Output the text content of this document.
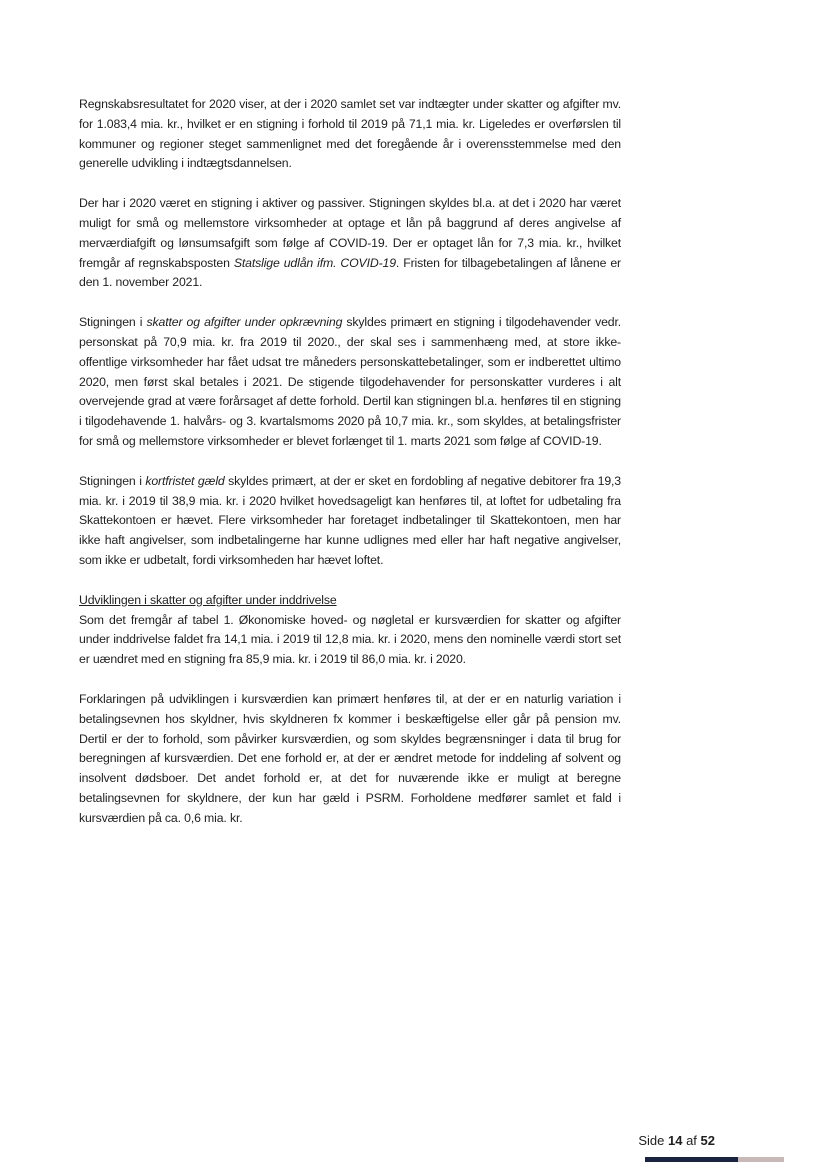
Regnskabsresultatet for 2020 viser, at der i 2020 samlet set var indtægter under skatter og afgifter mv. for 1.083,4 mia. kr., hvilket er en stigning i forhold til 2019 på 71,1 mia. kr. Ligeledes er overførslen til kommuner og regioner steget sammenlignet med det foregående år i overensstemmelse med den generelle udvikling i indtægtsdannelsen.

Der har i 2020 været en stigning i aktiver og passiver. Stigningen skyldes bl.a. at det i 2020 har været muligt for små og mellemstore virksomheder at optage et lån på baggrund af deres angivelse af merværdiafgift og lønsumsafgift som følge af COVID-19. Der er optaget lån for 7,3 mia. kr., hvilket fremgår af regnskabsposten Statslige udlån ifm. COVID-19. Fristen for tilbagebetalingen af lånene er den 1. november 2021.

Stigningen i skatter og afgifter under opkrævning skyldes primært en stigning i tilgodehavender vedr. personskat på 70,9 mia. kr. fra 2019 til 2020., der skal ses i sammenhæng med, at store ikke-offentlige virksomheder har fået udsat tre måneders personskattebetalinger, som er indberettet ultimo 2020, men først skal betales i 2021. De stigende tilgodehavender for personskatter vurderes i alt overvejende grad at være forårsaget af dette forhold. Dertil kan stigningen bl.a. henføres til en stigning i tilgodehavende 1. halvårs- og 3. kvartalsmoms 2020 på 10,7 mia. kr., som skyldes, at betalingsfrister for små og mellemstore virksomheder er blevet forlænget til 1. marts 2021 som følge af COVID-19.

Stigningen i kortfristet gæld skyldes primært, at der er sket en fordobling af negative debitorer fra 19,3 mia. kr. i 2019 til 38,9 mia. kr. i 2020 hvilket hovedsageligt kan henføres til, at loftet for udbetaling fra Skattekontoen er hævet. Flere virksomheder har foretaget indbetalinger til Skattekontoen, men har ikke haft angivelser, som indbetalingerne har kunne udlignes med eller har haft negative angivelser, som ikke er udbetalt, fordi virksomheden har hævet loftet.

Udviklingen i skatter og afgifter under inddrivelse

Som det fremgår af tabel 1. Økonomiske hoved- og nøgletal er kursværdien for skatter og afgifter under inddrivelse faldet fra 14,1 mia. i 2019 til 12,8 mia. kr. i 2020, mens den nominelle værdi stort set er uændret med en stigning fra 85,9 mia. kr. i 2019 til 86,0 mia. kr. i 2020.

Forklaringen på udviklingen i kursværdien kan primært henføres til, at der er en naturlig variation i betalingsevnen hos skyldner, hvis skyldneren fx kommer i beskæftigelse eller går på pension mv. Dertil er der to forhold, som påvirker kursværdien, og som skyldes begrænsninger i data til brug for beregningen af kursværdien. Det ene forhold er, at der er ændret metode for inddeling af solvent og insolvent dødsboer. Det andet forhold er, at det for nuværende ikke er muligt at beregne betalingsevnen for skyldnere, der kun har gæld i PSRM. Forholdene medfører samlet et fald i kursværdien på ca. 0,6 mia. kr.

Side 14 af 52
